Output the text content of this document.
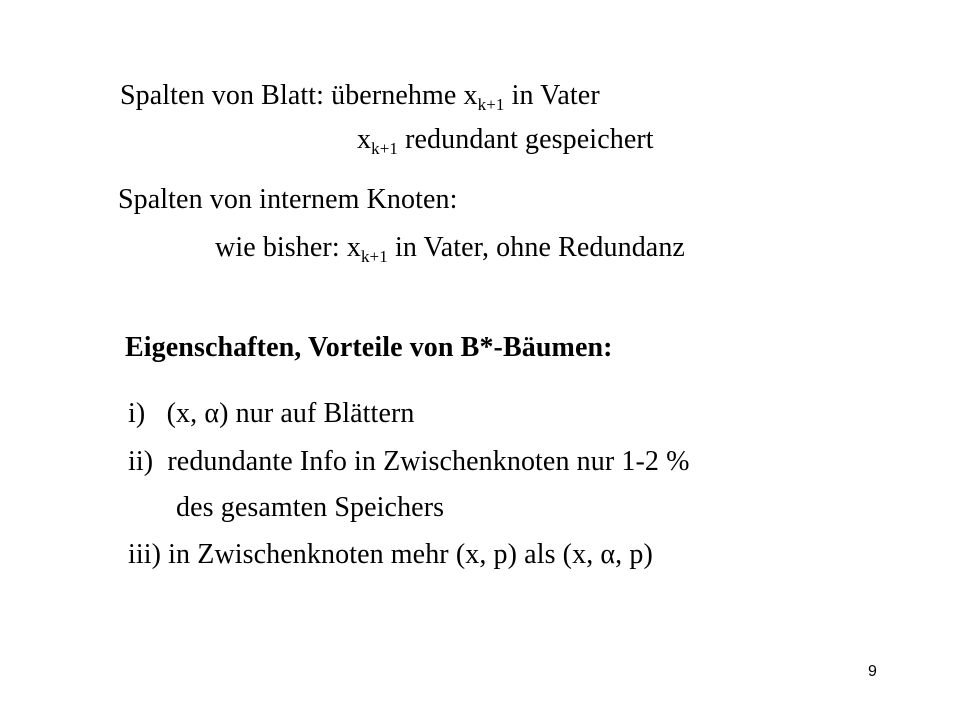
Spalten von Blatt: übernehme $x_{k+1}$ in Vater
$x_{k+1}$ redundant gespeichert
Spalten von internem Knoten:
wie bisher: $x_{k+1}$ in Vater, ohne Redundanz
Eigenschaften, Vorteile von B*-Bäumen:
i)   (x, α) nur auf Blättern
ii)  redundante Info in Zwischenknoten nur 1-2 %
des gesamten Speichers
iii) in Zwischenknoten mehr (x, p) als (x, α, p)
9
